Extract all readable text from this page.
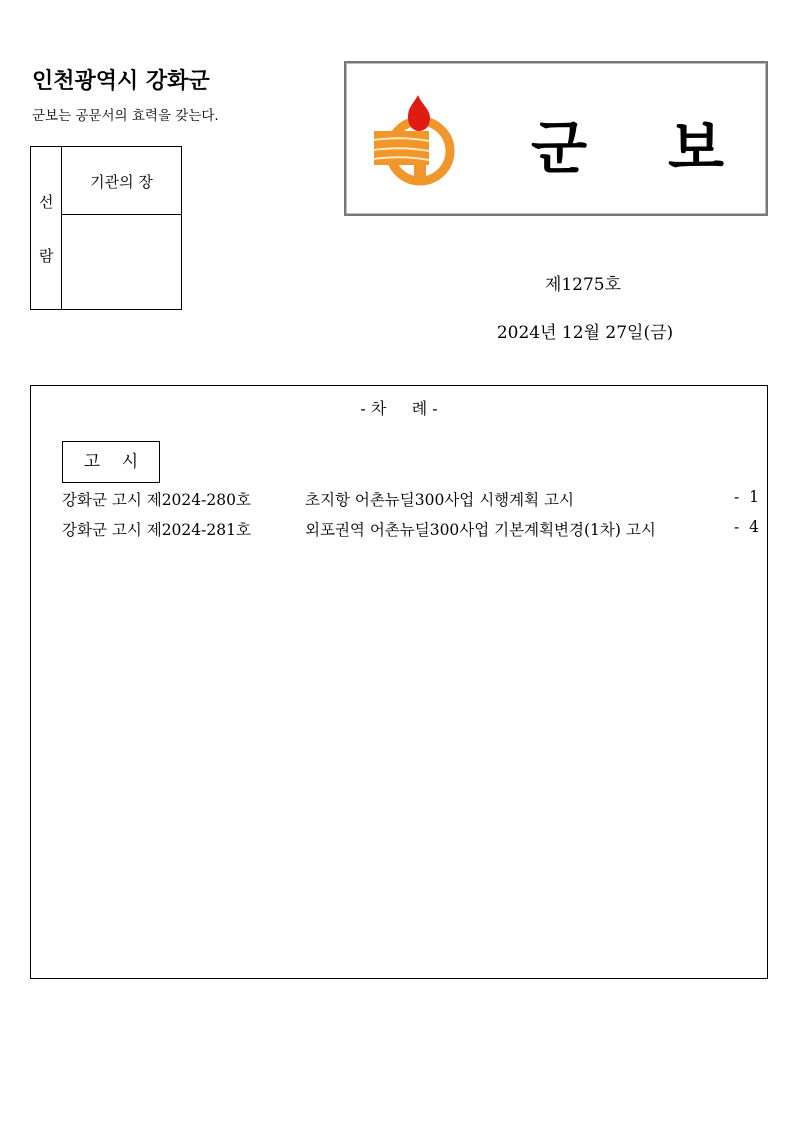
인천광역시 강화군
군보는 공문서의 효력을 갖는다.
선
람
기관의 장	군 보
제1275호
2024년 12월 27일(금)
- 차     례 -
고    시
강화군 고시 제2024-280호	초지항 어촌뉴딜300사업 시행계획 고시	-  1
강화군 고시 제2024-281호	외포권역 어촌뉴딜300사업 기본계획변경(1차) 고시	-  4
